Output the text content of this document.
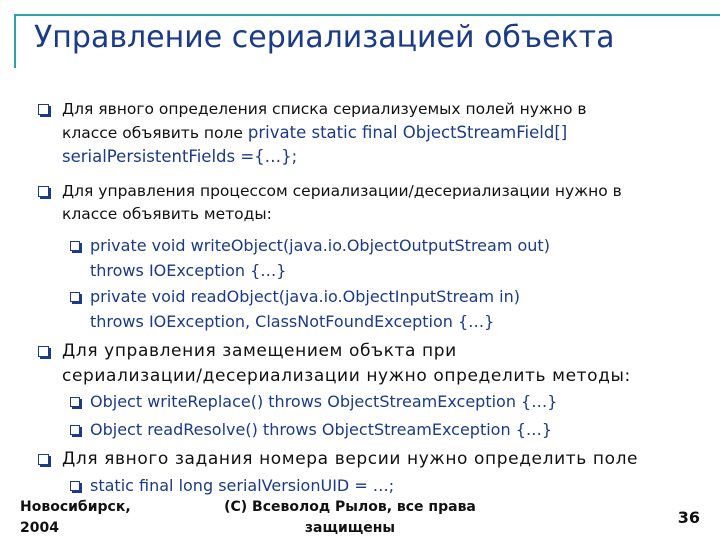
Управление сериализацией объекта
Для явного определения списка сериализуемых полей нужно в
классе объявить поле private static final ObjectStreamField[]
serialPersistentFields ={…};
Для управления процессом сериализации/десериализации нужно в
классе объявить методы:
private void writeObject(java.io.ObjectOutputStream out)
throws IOException {…}
private void readObject(java.io.ObjectInputStream in)
throws IOException, ClassNotFoundException {…}
Для управления замещением объкта при
сериализации/десериализации нужно определить методы:
Object writeReplace() throws ObjectStreamException {…}
Object readResolve() throws ObjectStreamException {…}
Для явного задания номера версии нужно определить поле
static final long serialVersionUID = …;
Новосибирск,
2004
(C) Всеволод Рылов, все права
защищены
36
